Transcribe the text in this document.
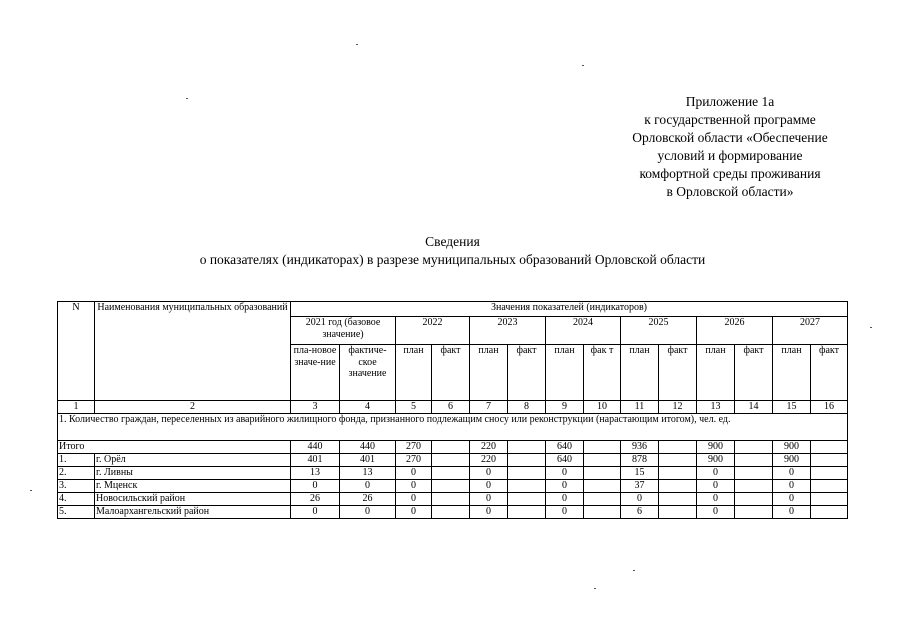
Приложение 1а
к государственной программе
Орловской области «Обеспечение
условий и формирование
комфортной среды проживания
в Орловской области»
Сведения
о показателях (индикаторах) в разрезе муниципальных образований Орловской области
N	Наименования муниципальных образований	Значения показателей (индикаторов)													
		2021 год (базовое значение)		2022		2023		2024		2025		2026		2027	
		пла-новое значе-ние	фактиче-ское значение	план	факт	план	факт	план	фак т	план	факт	план	факт	план	факт
1	2	3	4	5	6	7	8	9	10	11	12	13	14	15	16
1. Количество граждан, переселенных из аварийного жилищного фонда, признанного подлежащим сносу или реконструкции (нарастающим итогом), чел. ед.															
Итого		440	440	270		220		640		936		900		900	
1.	г. Орёл	401	401	270		220		640		878		900		900	
2.	г. Ливны	13	13	0		0		0		15		0		0	
3.	г. Мценск	0	0	0		0		0		37		0		0	
4.	Новосильский район	26	26	0		0		0		0		0		0	
5.	Малоархангельский район	0	0	0		0		0		6		0		0	
